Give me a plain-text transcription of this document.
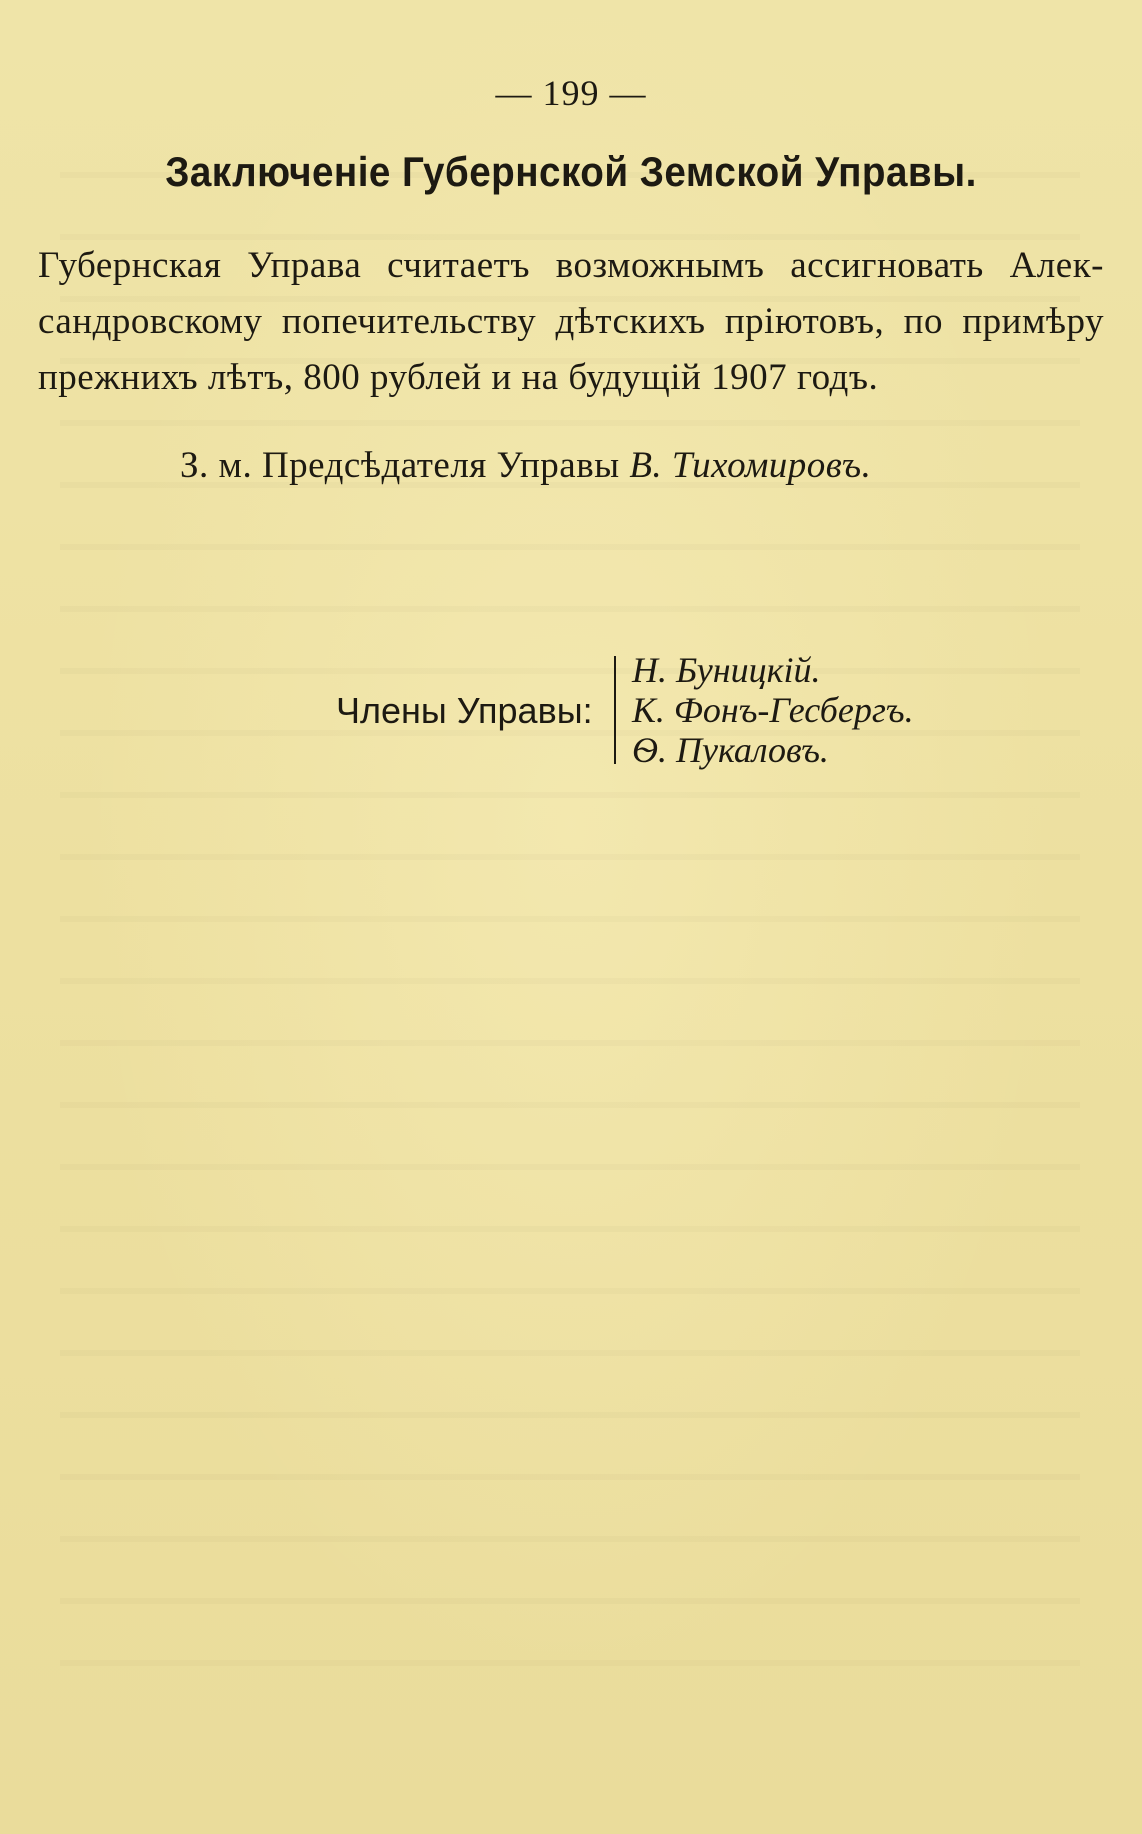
— 199 —
Заключеніе Губернской Земской Управы.
Губернская Управа считаетъ возможнымъ ассигновать Алек-
сандровскому попечительству дѣтскихъ пріютовъ, по примѣру
прежнихъ лѣтъ, 800 рублей и на будущій 1907 годъ.
З. м. Предсѣдателя Управы В. Тихомировъ.
Члены Управы:
Н. Буницкій.
К. Фонъ-Гесбергъ.
Ѳ. Пукаловъ.
